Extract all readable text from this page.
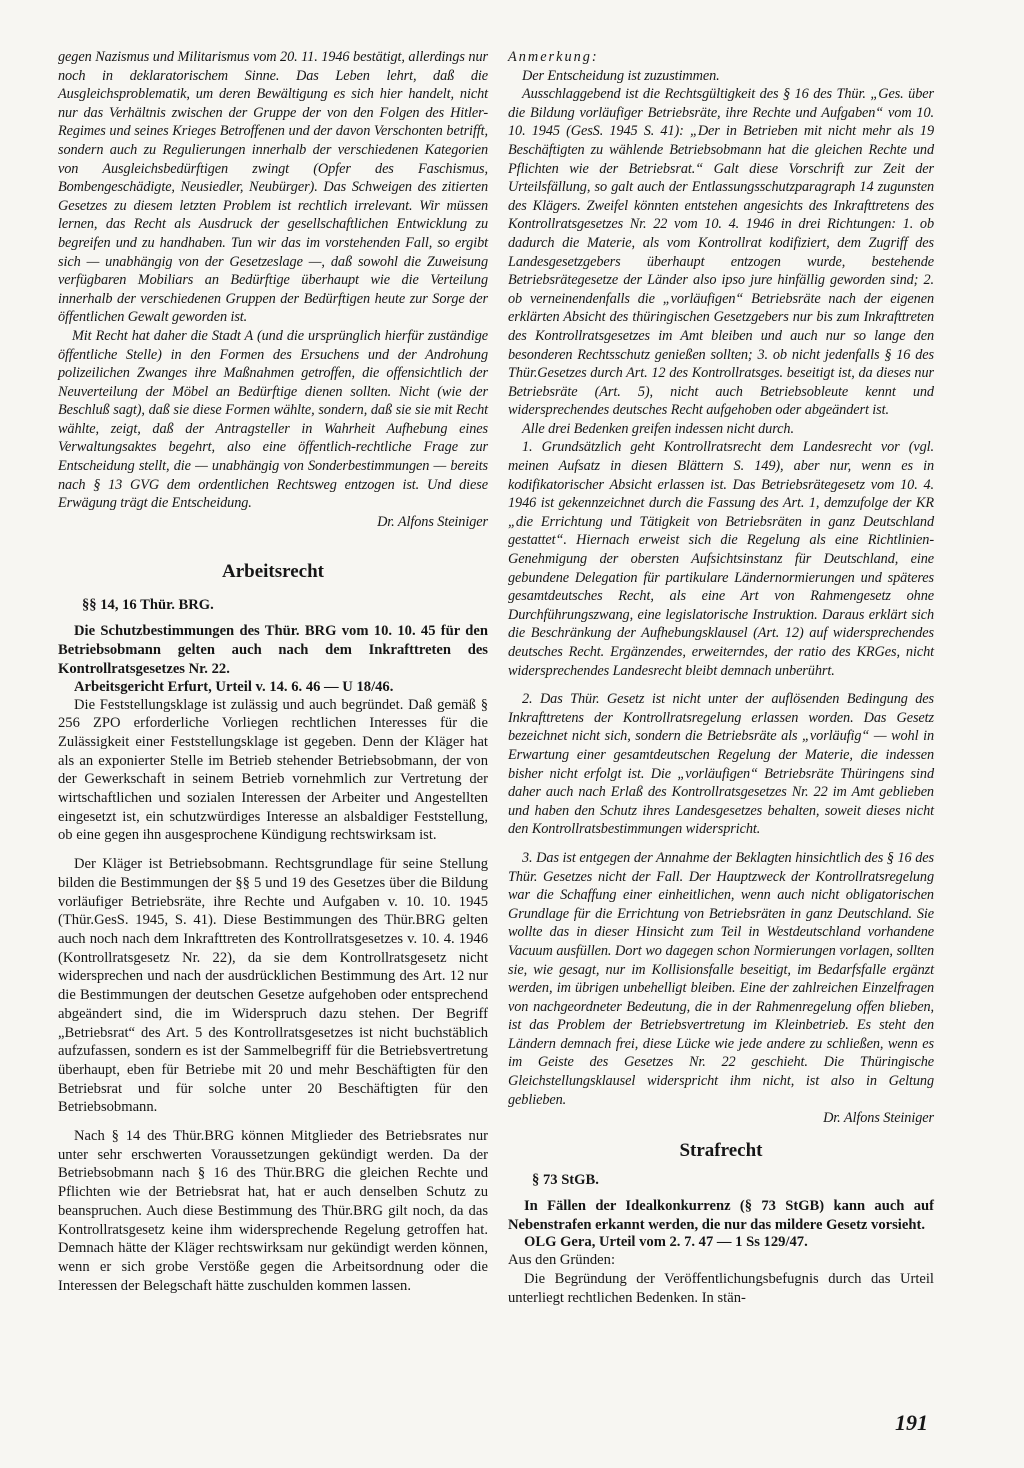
gegen Nazismus und Militarismus vom 20. 11. 1946 bestätigt, allerdings nur noch in deklaratorischem Sinne. Das Leben lehrt, daß die Ausgleichsproblematik, um deren Bewältigung es sich hier handelt, nicht nur das Verhältnis zwischen der Gruppe der von den Folgen des Hitler-Regimes und seines Krieges Betroffenen und der davon Verschonten betrifft, sondern auch zu Regulierungen innerhalb der verschiedenen Kategorien von Ausgleichsbedürftigen zwingt (Opfer des Faschismus, Bombengeschädigte, Neusiedler, Neubürger). Das Schweigen des zitierten Gesetzes zu diesem letzten Problem ist rechtlich irrelevant. Wir müssen lernen, das Recht als Ausdruck der gesellschaftlichen Entwicklung zu begreifen und zu handhaben. Tun wir das im vorstehenden Fall, so ergibt sich — unabhängig von der Gesetzeslage —, daß sowohl die Zuweisung verfügbaren Mobiliars an Bedürftige überhaupt wie die Verteilung innerhalb der verschiedenen Gruppen der Bedürftigen heute zur Sorge der öffentlichen Gewalt geworden ist.

Mit Recht hat daher die Stadt A (und die ursprünglich hierfür zuständige öffentliche Stelle) in den Formen des Ersuchens und der Androhung polizeilichen Zwanges ihre Maßnahmen getroffen, die offensichtlich der Neuverteilung der Möbel an Bedürftige dienen sollten. Nicht (wie der Beschluß sagt), daß sie diese Formen wählte, sondern, daß sie sie mit Recht wählte, zeigt, daß der Antragsteller in Wahrheit Aufhebung eines Verwaltungsaktes begehrt, also eine öffentlich-rechtliche Frage zur Entscheidung stellt, die — unabhängig von Sonderbestimmungen — bereits nach § 13 GVG dem ordentlichen Rechtsweg entzogen ist. Und diese Erwägung trägt die Entscheidung.

Dr. Alfons Steiniger

Arbeitsrecht
§§ 14, 16 Thür. BRG.

Die Schutzbestimmungen des Thür. BRG vom 10. 10. 45 für den Betriebsobmann gelten auch nach dem Inkrafttreten des Kontrollratsgesetzes Nr. 22.

Arbeitsgericht Erfurt, Urteil v. 14. 6. 46 — U 18/46.

Die Feststellungsklage ist zulässig und auch begründet. Daß gemäß § 256 ZPO erforderliche Vorliegen rechtlichen Interesses für die Zulässigkeit einer Feststellungsklage ist gegeben. Denn der Kläger hat als an exponierter Stelle im Betrieb stehender Betriebsobmann, der von der Gewerkschaft in seinem Betrieb vornehmlich zur Vertretung der wirtschaftlichen und sozialen Interessen der Arbeiter und Angestellten eingesetzt ist, ein schutzwürdiges Interesse an alsbaldiger Feststellung, ob eine gegen ihn ausgesprochene Kündigung rechtswirksam ist.

Der Kläger ist Betriebsobmann. Rechtsgrundlage für seine Stellung bilden die Bestimmungen der §§ 5 und 19 des Gesetzes über die Bildung vorläufiger Betriebsräte, ihre Rechte und Aufgaben v. 10. 10. 1945 (Thür.GesS. 1945, S. 41). Diese Bestimmungen des Thür.BRG gelten auch noch nach dem Inkrafttreten des Kontrollratsgesetzes v. 10. 4. 1946 (Kontrollratsgesetz Nr. 22), da sie dem Kontrollratsgesetz nicht widersprechen und nach der ausdrücklichen Bestimmung des Art. 12 nur die Bestimmungen der deutschen Gesetze aufgehoben oder entsprechend abgeändert sind, die im Widerspruch dazu stehen. Der Begriff „Betriebsrat“ des Art. 5 des Kontrollratsgesetzes ist nicht buchstäblich aufzufassen, sondern es ist der Sammelbegriff für die Betriebsvertretung überhaupt, eben für Betriebe mit 20 und mehr Beschäftigten für den Betriebsrat und für solche unter 20 Beschäftigten für den Betriebsobmann.

Nach § 14 des Thür.BRG können Mitglieder des Betriebsrates nur unter sehr erschwerten Voraussetzungen gekündigt werden. Da der Betriebsobmann nach § 16 des Thür.BRG die gleichen Rechte und Pflichten wie der Betriebsrat hat, hat er auch denselben Schutz zu beanspruchen. Auch diese Bestimmung des Thür.BRG gilt noch, da das Kontrollratsgesetz keine ihm widersprechende Regelung getroffen hat. Demnach hätte der Kläger rechtswirksam nur gekündigt werden können, wenn er sich grobe Verstöße gegen die Arbeitsordnung oder die Interessen der Belegschaft hätte zuschulden kommen lassen.

Anmerkung:

Der Entscheidung ist zuzustimmen.

Ausschlaggebend ist die Rechtsgültigkeit des § 16 des Thür. „Ges. über die Bildung vorläufiger Betriebsräte, ihre Rechte und Aufgaben“ vom 10. 10. 1945 (GesS. 1945 S. 41): „Der in Betrieben mit nicht mehr als 19 Beschäftigten zu wählende Betriebsobmann hat die gleichen Rechte und Pflichten wie der Betriebsrat.“ Galt diese Vorschrift zur Zeit der Urteilsfällung, so galt auch der Entlassungsschutzparagraph 14 zugunsten des Klägers. Zweifel könnten entstehen angesichts des Inkrafttretens des Kontrollratsgesetzes Nr. 22 vom 10. 4. 1946 in drei Richtungen: 1. ob dadurch die Materie, als vom Kontrollrat kodifiziert, dem Zugriff des Landesgesetzgebers überhaupt entzogen wurde, bestehende Betriebsrätegesetze der Länder also ipso jure hinfällig geworden sind; 2. ob verneinendenfalls die „vorläufigen“ Betriebsräte nach der eigenen erklärten Absicht des thüringischen Gesetzgebers nur bis zum Inkrafttreten des Kontrollratsgesetzes im Amt bleiben und auch nur so lange den besonderen Rechtsschutz genießen sollten; 3. ob nicht jedenfalls § 16 des Thür.Gesetzes durch Art. 12 des Kontrollratsges. beseitigt ist, da dieses nur Betriebsräte (Art. 5), nicht auch Betriebsobleute kennt und widersprechendes deutsches Recht aufgehoben oder abgeändert ist.

Alle drei Bedenken greifen indessen nicht durch.

1. Grundsätzlich geht Kontrollratsrecht dem Landesrecht vor (vgl. meinen Aufsatz in diesen Blättern S. 149), aber nur, wenn es in kodifikatorischer Absicht erlassen ist. Das Betriebsrätegesetz vom 10. 4. 1946 ist gekennzeichnet durch die Fassung des Art. 1, demzufolge der KR „die Errichtung und Tätigkeit von Betriebsräten in ganz Deutschland gestattet“. Hiernach erweist sich die Regelung als eine Richtlinien-Genehmigung der obersten Aufsichtsinstanz für Deutschland, eine gebundene Delegation für partikulare Ländernormierungen und späteres gesamtdeutsches Recht, als eine Art von Rahmengesetz ohne Durchführungszwang, eine legislatorische Instruktion. Daraus erklärt sich die Beschränkung der Aufhebungsklausel (Art. 12) auf widersprechendes deutsches Recht. Ergänzendes, erweiterndes, der ratio des KRGes, nicht widersprechendes Landesrecht bleibt demnach unberührt.

2. Das Thür. Gesetz ist nicht unter der auflösenden Bedingung des Inkrafttretens der Kontrollratsregelung erlassen worden. Das Gesetz bezeichnet nicht sich, sondern die Betriebsräte als „vorläufig“ — wohl in Erwartung einer gesamtdeutschen Regelung der Materie, die indessen bisher nicht erfolgt ist. Die „vorläufigen“ Betriebsräte Thüringens sind daher auch nach Erlaß des Kontrollratsgesetzes Nr. 22 im Amt geblieben und haben den Schutz ihres Landesgesetzes behalten, soweit dieses nicht den Kontrollratsbestimmungen widerspricht.

3. Das ist entgegen der Annahme der Beklagten hinsichtlich des § 16 des Thür. Gesetzes nicht der Fall. Der Hauptzweck der Kontrollratsregelung war die Schaffung einer einheitlichen, wenn auch nicht obligatorischen Grundlage für die Errichtung von Betriebsräten in ganz Deutschland. Sie wollte das in dieser Hinsicht zum Teil in Westdeutschland vorhandene Vacuum ausfüllen. Dort wo dagegen schon Normierungen vorlagen, sollten sie, wie gesagt, nur im Kollisionsfalle beseitigt, im Bedarfsfalle ergänzt werden, im übrigen unbehelligt bleiben. Eine der zahlreichen Einzelfragen von nachgeordneter Bedeutung, die in der Rahmenregelung offen blieben, ist das Problem der Betriebsvertretung im Kleinbetrieb. Es steht den Ländern demnach frei, diese Lücke wie jede andere zu schließen, wenn es im Geiste des Gesetzes Nr. 22 geschieht. Die Thüringische Gleichstellungsklausel widerspricht ihm nicht, ist also in Geltung geblieben.

Dr. Alfons Steiniger

Strafrecht
§ 73 StGB.

In Fällen der Idealkonkurrenz (§ 73 StGB) kann auch auf Nebenstrafen erkannt werden, die nur das mildere Gesetz vorsieht.

OLG Gera, Urteil vom 2. 7. 47 — 1 Ss 129/47.

Aus den Gründen:

Die Begründung der Veröffentlichungsbefugnis durch das Urteil unterliegt rechtlichen Bedenken. In stän-

191
